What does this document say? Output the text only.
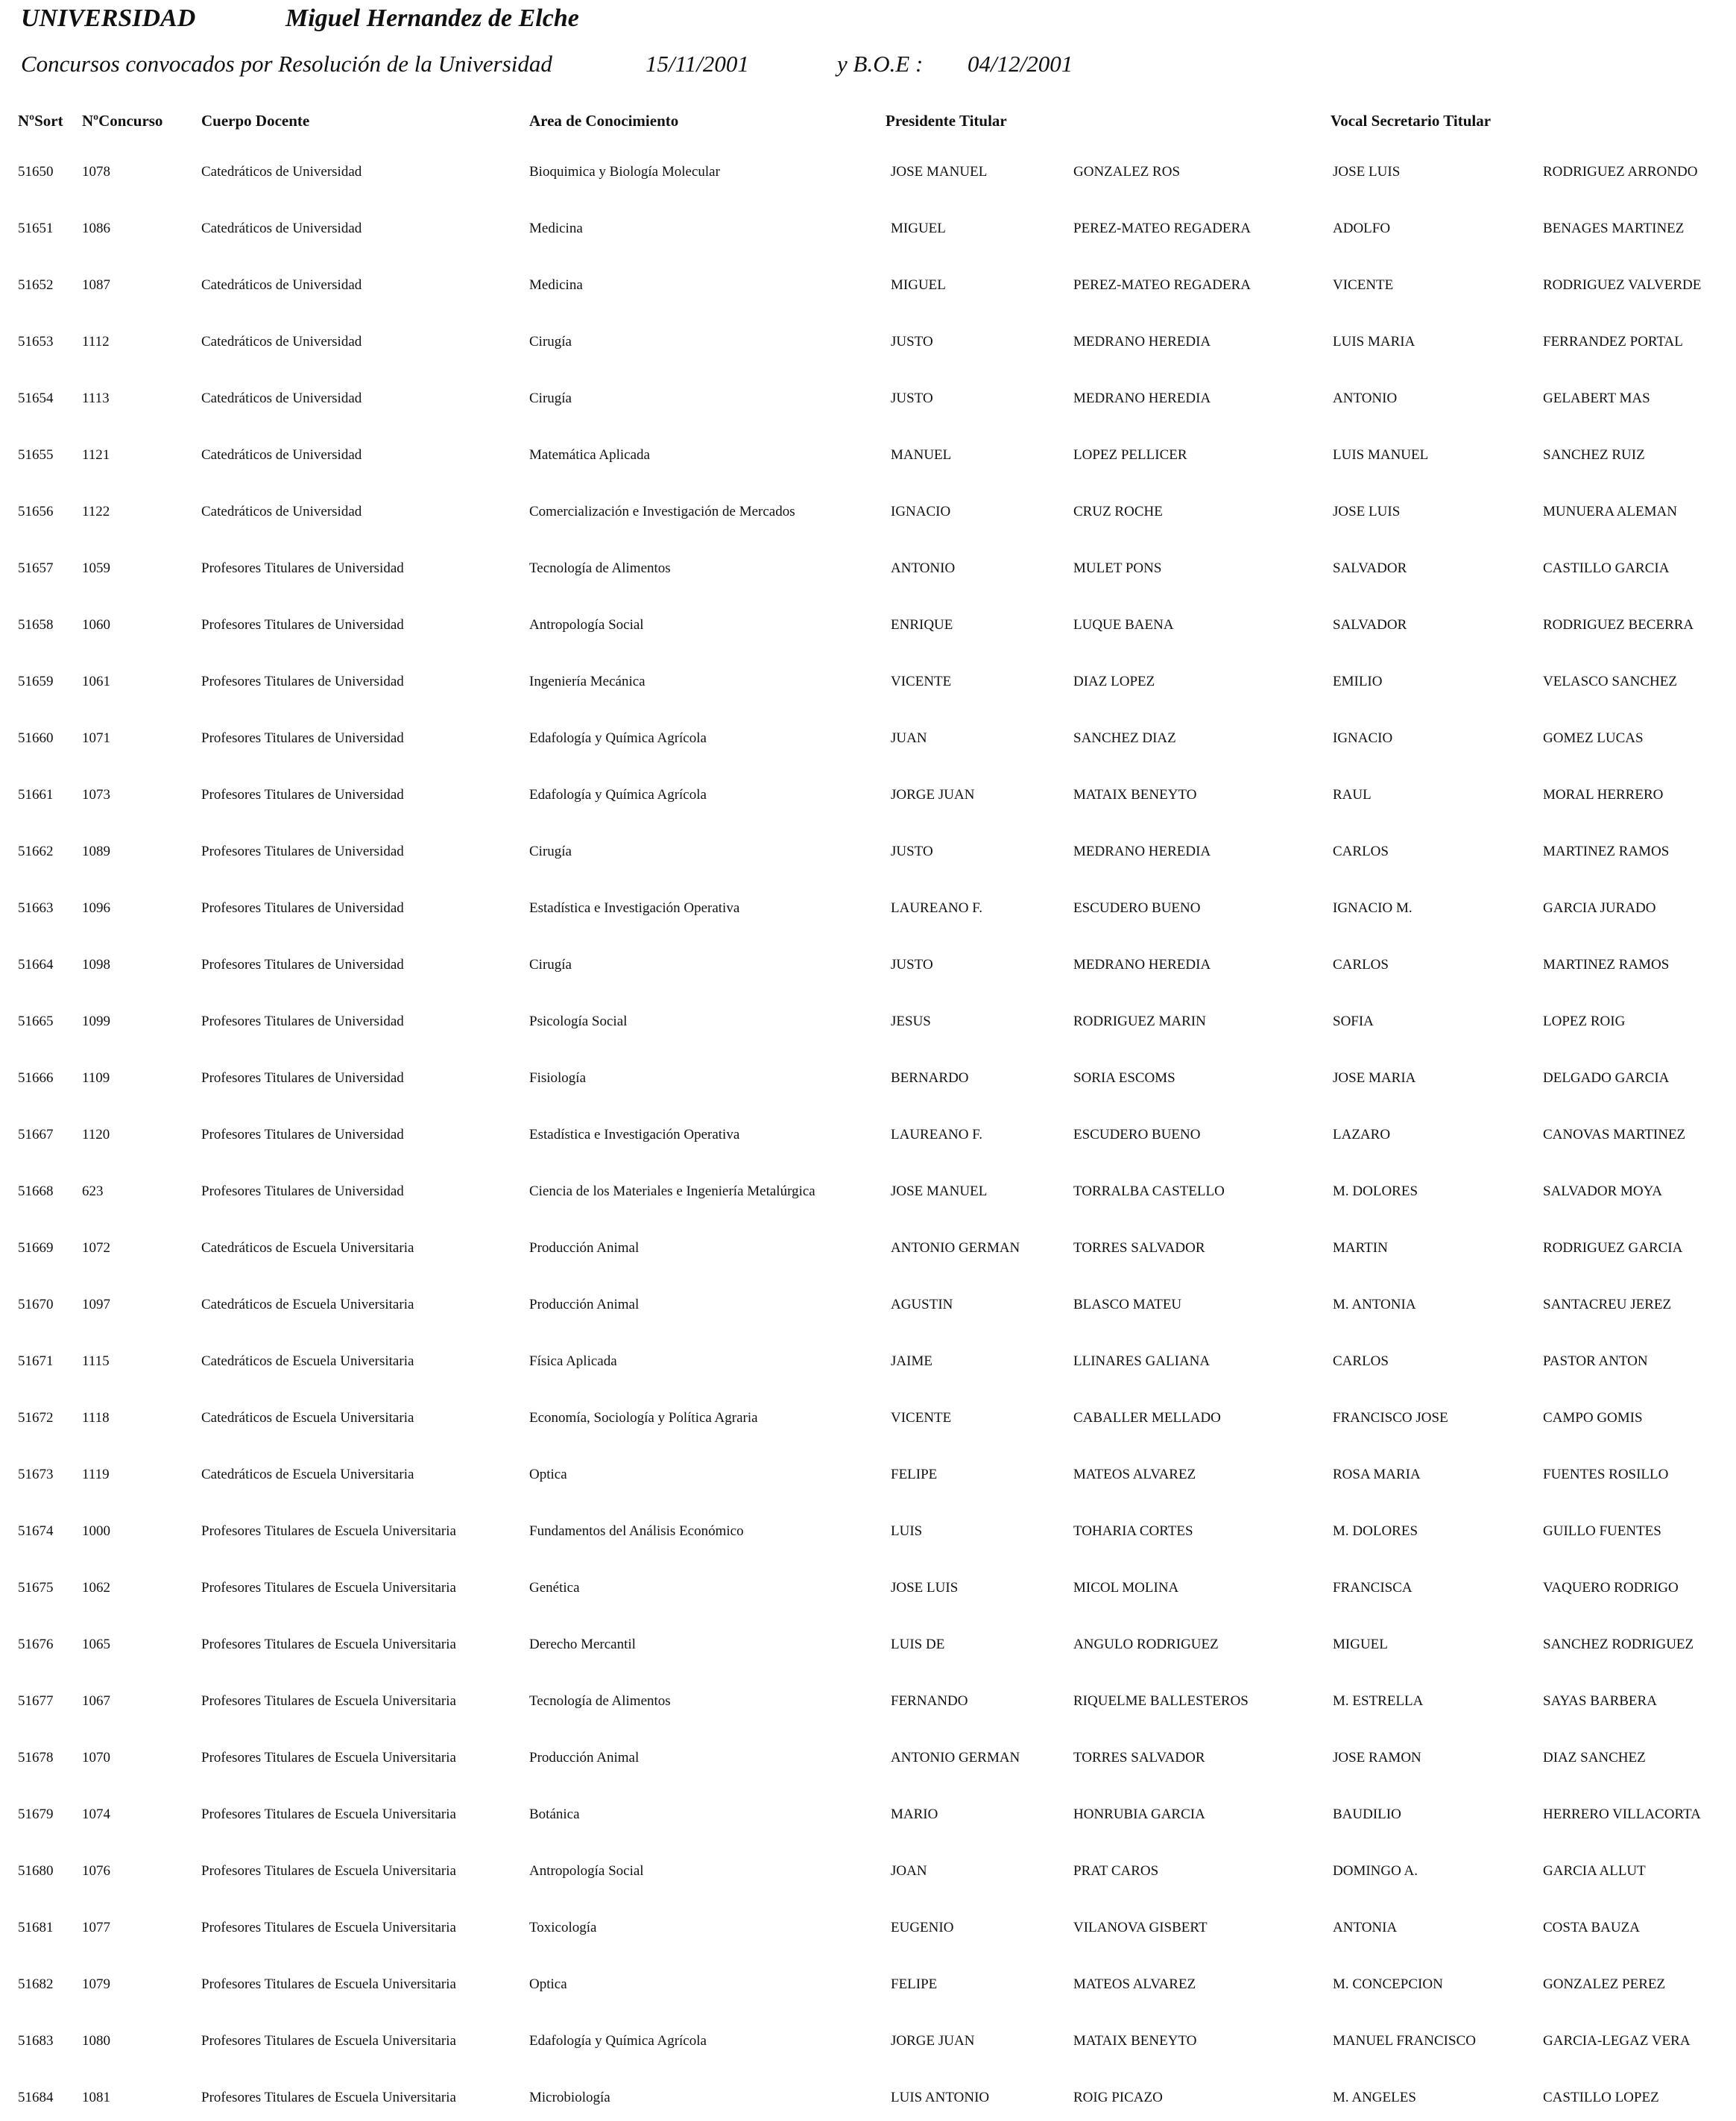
UNIVERSIDAD	Miguel Hernandez de Elche
Concursos convocados por Resolución de la Universidad	15/11/2001	y B.O.E : 04/12/2001
NºSort NºConcurso Cuerpo Docente	Area de Conocimiento	Presidente Titular	Vocal Secretario Titular
51650 1078	Catedráticos de Universidad	Bioquimica y Biología Molecular	JOSE MANUEL	GONZALEZ ROS	JOSE LUIS	RODRIGUEZ ARRONDO
51651 1086	Catedráticos de Universidad	Medicina	MIGUEL	PEREZ-MATEO REGADERA	ADOLFO	BENAGES MARTINEZ
51652 1087	Catedráticos de Universidad	Medicina	MIGUEL	PEREZ-MATEO REGADERA	VICENTE	RODRIGUEZ VALVERDE
51653 1112	Catedráticos de Universidad	Cirugía	JUSTO	MEDRANO HEREDIA	LUIS MARIA	FERRANDEZ PORTAL
51654 1113	Catedráticos de Universidad	Cirugía	JUSTO	MEDRANO HEREDIA	ANTONIO	GELABERT MAS
51655 1121	Catedráticos de Universidad	Matemática Aplicada	MANUEL	LOPEZ PELLICER	LUIS MANUEL	SANCHEZ RUIZ
51656 1122	Catedráticos de Universidad	Comercialización e Investigación de Mercados	IGNACIO	CRUZ ROCHE	JOSE LUIS	MUNUERA ALEMAN
51657 1059	Profesores Titulares de Universidad	Tecnología de Alimentos	ANTONIO	MULET PONS	SALVADOR	CASTILLO GARCIA
51658 1060	Profesores Titulares de Universidad	Antropología Social	ENRIQUE	LUQUE BAENA	SALVADOR	RODRIGUEZ BECERRA
51659 1061	Profesores Titulares de Universidad	Ingeniería Mecánica	VICENTE	DIAZ LOPEZ	EMILIO	VELASCO SANCHEZ
51660 1071	Profesores Titulares de Universidad	Edafología y Química Agrícola	JUAN	SANCHEZ DIAZ	IGNACIO	GOMEZ LUCAS
51661 1073	Profesores Titulares de Universidad	Edafología y Química Agrícola	JORGE JUAN	MATAIX BENEYTO	RAUL	MORAL HERRERO
51662 1089	Profesores Titulares de Universidad	Cirugía	JUSTO	MEDRANO HEREDIA	CARLOS	MARTINEZ RAMOS
51663 1096	Profesores Titulares de Universidad	Estadística e Investigación Operativa	LAUREANO F.	ESCUDERO BUENO	IGNACIO M.	GARCIA JURADO
51664 1098	Profesores Titulares de Universidad	Cirugía	JUSTO	MEDRANO HEREDIA	CARLOS	MARTINEZ RAMOS
51665 1099	Profesores Titulares de Universidad	Psicología Social	JESUS	RODRIGUEZ MARIN	SOFIA	LOPEZ ROIG
51666 1109	Profesores Titulares de Universidad	Fisiología	BERNARDO	SORIA ESCOMS	JOSE MARIA	DELGADO GARCIA
51667 1120	Profesores Titulares de Universidad	Estadística e Investigación Operativa	LAUREANO F.	ESCUDERO BUENO	LAZARO	CANOVAS MARTINEZ
51668 623	Profesores Titulares de Universidad	Ciencia de los Materiales e Ingeniería Metalúrgica	JOSE MANUEL	TORRALBA CASTELLO	M. DOLORES	SALVADOR MOYA
51669 1072	Catedráticos de Escuela Universitaria	Producción Animal	ANTONIO GERMAN	TORRES SALVADOR	MARTIN	RODRIGUEZ GARCIA
51670 1097	Catedráticos de Escuela Universitaria	Producción Animal	AGUSTIN	BLASCO MATEU	M. ANTONIA	SANTACREU JEREZ
51671 1115	Catedráticos de Escuela Universitaria	Física Aplicada	JAIME	LLINARES GALIANA	CARLOS	PASTOR ANTON
51672 1118	Catedráticos de Escuela Universitaria	Economía, Sociología y Política Agraria	VICENTE	CABALLER MELLADO	FRANCISCO JOSE	CAMPO GOMIS
51673 1119	Catedráticos de Escuela Universitaria	Optica	FELIPE	MATEOS ALVAREZ	ROSA MARIA	FUENTES ROSILLO
51674 1000	Profesores Titulares de Escuela Universitaria	Fundamentos del Análisis Económico	LUIS	TOHARIA CORTES	M. DOLORES	GUILLO FUENTES
51675 1062	Profesores Titulares de Escuela Universitaria	Genética	JOSE LUIS	MICOL MOLINA	FRANCISCA	VAQUERO RODRIGO
51676 1065	Profesores Titulares de Escuela Universitaria	Derecho Mercantil	LUIS DE	ANGULO RODRIGUEZ	MIGUEL	SANCHEZ RODRIGUEZ
51677 1067	Profesores Titulares de Escuela Universitaria	Tecnología de Alimentos	FERNANDO	RIQUELME BALLESTEROS	M. ESTRELLA	SAYAS BARBERA
51678 1070	Profesores Titulares de Escuela Universitaria	Producción Animal	ANTONIO GERMAN	TORRES SALVADOR	JOSE RAMON	DIAZ SANCHEZ
51679 1074	Profesores Titulares de Escuela Universitaria	Botánica	MARIO	HONRUBIA GARCIA	BAUDILIO	HERRERO VILLACORTA
51680 1076	Profesores Titulares de Escuela Universitaria	Antropología Social	JOAN	PRAT CAROS	DOMINGO A.	GARCIA ALLUT
51681 1077	Profesores Titulares de Escuela Universitaria	Toxicología	EUGENIO	VILANOVA GISBERT	ANTONIA	COSTA BAUZA
51682 1079	Profesores Titulares de Escuela Universitaria	Optica	FELIPE	MATEOS ALVAREZ	M. CONCEPCION	GONZALEZ PEREZ
51683 1080	Profesores Titulares de Escuela Universitaria	Edafología y Química Agrícola	JORGE JUAN	MATAIX BENEYTO	MANUEL FRANCISCO	GARCIA-LEGAZ VERA
51684 1081	Profesores Titulares de Escuela Universitaria	Microbiología	LUIS ANTONIO	ROIG PICAZO	M. ANGELES	CASTILLO LOPEZ
